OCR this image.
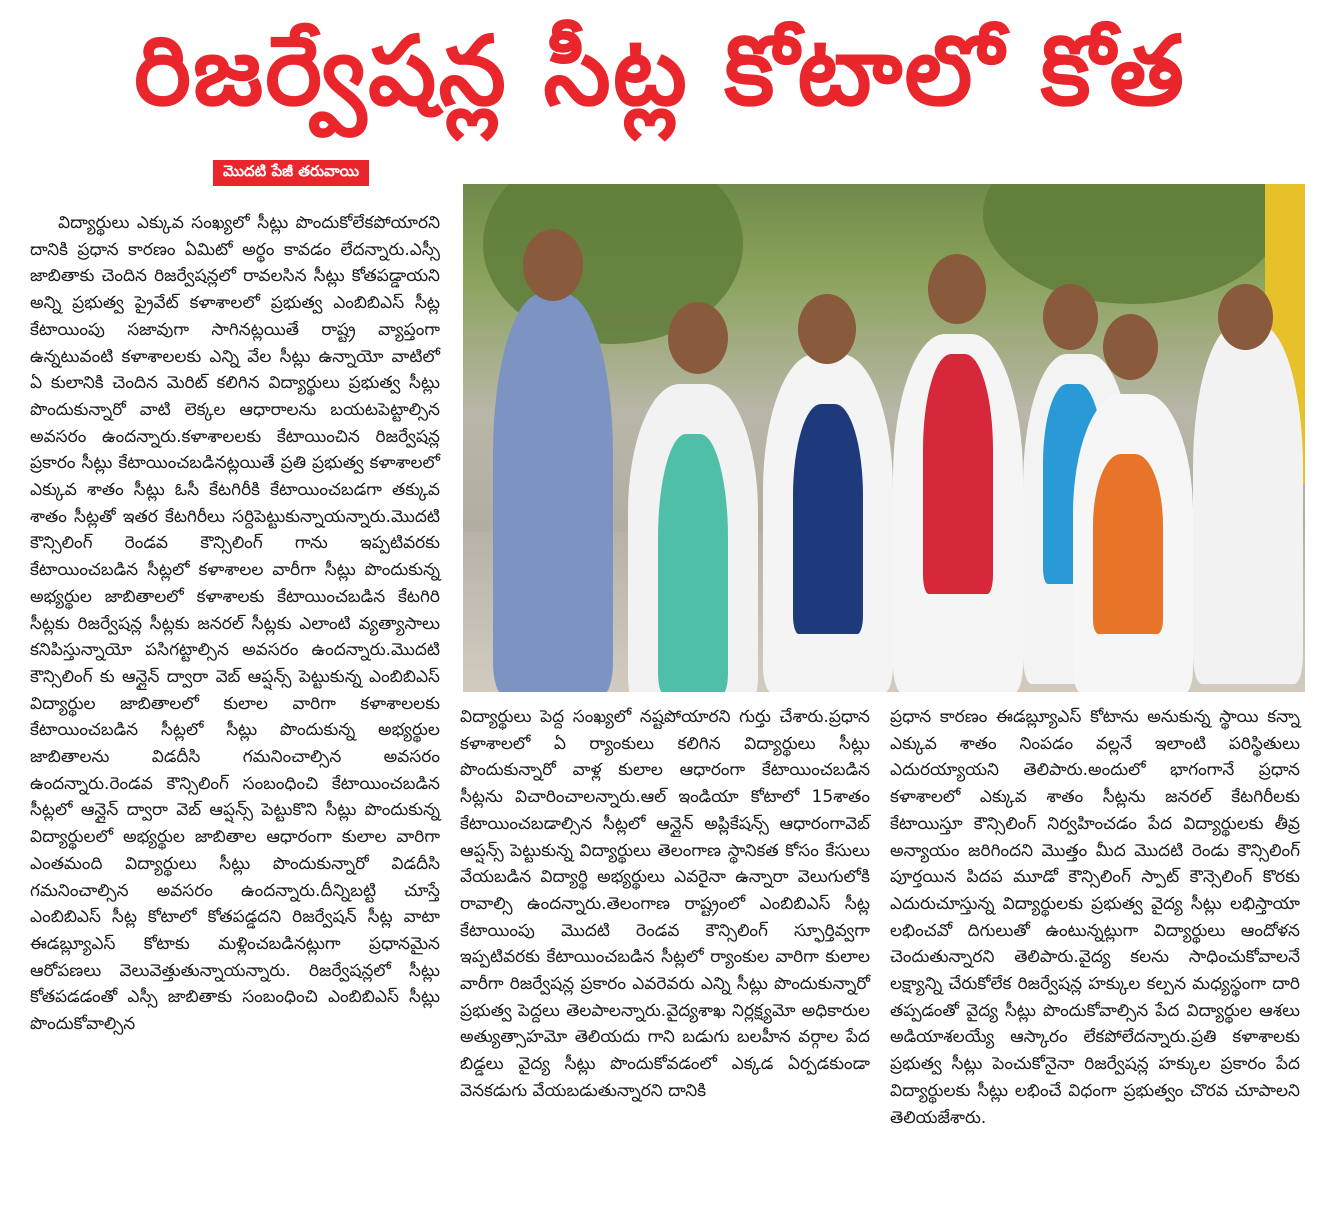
రిజర్వేషన్ల సీట్ల కోటాలో కోత
మొదటి పేజీ తరువాయి

విద్యార్థులు ఎక్కువ సంఖ్యలో సీట్లు పొందుకోలేకపోయారని దానికి ప్రధాన కారణం ఏమిటో అర్థం కావడం లేదన్నారు.ఎస్సీ జాబితాకు చెందిన రిజర్వేషన్లలో రావలసిన సీట్లు కోతపడ్డాయని అన్ని ప్రభుత్వ ప్రైవేట్ కళాశాలలో ప్రభుత్వ ఎంబిబిఎస్ సీట్ల కేటాయింపు సజావుగా సాగినట్లయితే రాష్ట్ర వ్యాప్తంగా ఉన్నటువంటి కళాశాలలకు ఎన్ని వేల సీట్లు ఉన్నాయో వాటిలో ఏ కులానికి చెందిన మెరిట్ కలిగిన విద్యార్థులు ప్రభుత్వ సీట్లు పొందుకున్నారో వాటి లెక్కల ఆధారాలను బయటపెట్టాల్సిన అవసరం ఉందన్నారు.కళాశాలలకు కేటాయించిన రిజర్వేషన్ల ప్రకారం సీట్లు కేటాయించబడినట్లయితే ప్రతి ప్రభుత్వ కళాశాలలో ఎక్కువ శాతం సీట్లు ఓసీ కేటగిరీకి కేటాయించబడగా తక్కువ శాతం సీట్లతో ఇతర కేటగిరీలు సర్దిపెట్టుకున్నాయన్నారు.మొదటి కౌన్సిలింగ్ రెండవ కౌన్సిలింగ్ గాను ఇప్పటివరకు కేటాయించబడిన సీట్లలో కళాశాలల వారీగా సీట్లు పొందుకున్న అభ్యర్థుల జాబితాలలో కళాశాలకు కేటాయించబడిన కేటగిరి సీట్లకు రిజర్వేషన్ల సీట్లకు జనరల్ సీట్లకు ఎలాంటి వ్యత్యాసాలు కనిపిస్తున్నాయో పసిగట్టాల్సిన అవసరం ఉందన్నారు.మొదటి కౌన్సిలింగ్ కు ఆన్లైన్ ద్వారా వెబ్ ఆప్షన్స్ పెట్టుకున్న ఎంబిబిఎస్ విద్యార్థుల జాబితాలలో కులాల వారిగా కళాశాలలకు కేటాయించబడిన సీట్లలో సీట్లు పొందుకున్న అభ్యర్థుల జాబితాలను విడదీసి గమనించాల్సిన అవసరం ఉందన్నారు.రెండవ కౌన్సిలింగ్ సంబంధించి కేటాయించబడిన సీట్లలో ఆన్లైన్ ద్వారా వెబ్ ఆప్షన్స్ పెట్టుకొని సీట్లు పొందుకున్న విద్యార్థులలో అభ్యర్థుల జాబితాల ఆధారంగా కులాల వారిగా ఎంతమంది విద్యార్థులు సీట్లు పొందుకున్నారో విడదీసి గమనించాల్సిన అవసరం ఉందన్నారు.దీన్నిబట్టి చూస్తే ఎంబిబిఎస్ సీట్ల కోటాలో కోతపడ్డదని రిజర్వేషన్ సీట్ల వాటా ఈడబ్ల్యూఎస్ కోటాకు మళ్లించబడినట్లుగా ప్రధానమైన ఆరోపణలు వెలువెత్తుతున్నాయన్నారు. రిజర్వేషన్లలో సీట్లు కోతపడడంతో ఎస్సీ జాబితాకు సంబంధించి ఎంబిబిఎస్ సీట్లు పొందుకోవాల్సిన

విద్యార్థులు పెద్ద సంఖ్యలో నష్టపోయారని గుర్తు చేశారు.ప్రధాన కళాశాలలో ఏ ర్యాంకులు కలిగిన విద్యార్థులు సీట్లు పొందుకున్నారో వాళ్ల కులాల ఆధారంగా కేటాయించబడిన సీట్లను విచారించాలన్నారు.ఆల్ ఇండియా కోటాలో 15శాతం కేటాయించబడాల్సిన సీట్లలో ఆన్లైన్ అప్లికేషన్స్ ఆధారంగావెబ్ ఆప్షన్స్ పెట్టుకున్న విద్యార్థులు తెలంగాణ స్థానికత కోసం కేసులు వేయబడిన విద్యార్థి అభ్యర్థులు ఎవరైనా ఉన్నారా వెలుగులోకి రావాల్సి ఉందన్నారు.తెలంగాణ రాష్ట్రంలో ఎంబిబిఎస్ సీట్ల కేటాయింపు మొదటి రెండవ కౌన్సిలింగ్ స్ఫూర్తివ్వగా ఇప్పటివరకు కేటాయించబడిన సీట్లలో ర్యాంకుల వారిగా కులాల వారీగా రిజర్వేషన్ల ప్రకారం ఎవరెవరు ఎన్ని సీట్లు పొందుకున్నారో ప్రభుత్వ పెద్దలు తెలపాలన్నారు.వైద్యశాఖ నిర్లక్ష్యమో అధికారుల అత్యుత్సాహమో తెలియదు గాని బడుగు బలహీన వర్గాల పేద బిడ్డలు వైద్య సీట్లు పొందుకోవడంలో ఎక్కడ ఏర్పడకుండా వెనకడుగు వేయబడుతున్నారని దానికి

ప్రధాన కారణం ఈడబ్ల్యూఎస్ కోటాను అనుకున్న స్థాయి కన్నా ఎక్కువ శాతం నింపడం వల్లనే ఇలాంటి పరిస్థితులు ఎదురయ్యాయని తెలిపారు.అందులో భాగంగానే ప్రధాన కళాశాలలో ఎక్కువ శాతం సీట్లను జనరల్ కేటగిరీలకు కేటాయిస్తూ కౌన్సిలింగ్ నిర్వహించడం పేద విద్యార్థులకు తీవ్ర అన్యాయం జరిగిందని మొత్తం మీద మొదటి రెండు కౌన్సిలింగ్ పూర్తయిన పిదప మూడో కౌన్సిలింగ్ స్పాట్ కౌన్సెలింగ్ కొరకు ఎదురుచూస్తున్న విద్యార్థులకు ప్రభుత్వ వైద్య సీట్లు లభిస్తాయా లభించవో దిగులుతో ఉంటున్నట్లుగా విద్యార్థులు ఆందోళన చెందుతున్నారని తెలిపారు.వైద్య కలను సాధించుకోవాలనే లక్ష్యాన్ని చేరుకోలేక రిజర్వేషన్ల హక్కుల కల్పన మధ్యస్థంగా దారి తప్పడంతో వైద్య సీట్లు పొందుకోవాల్సిన పేద విద్యార్థుల ఆశలు అడియాశలయ్యే ఆస్కారం లేకపోలేదన్నారు.ప్రతి కళాశాలకు ప్రభుత్వ సీట్లు పెంచుకోనైనా రిజర్వేషన్ల హక్కుల ప్రకారం పేద విద్యార్థులకు సీట్లు లభించే విధంగా ప్రభుత్వం చొరవ చూపాలని తెలియజేశారు.
